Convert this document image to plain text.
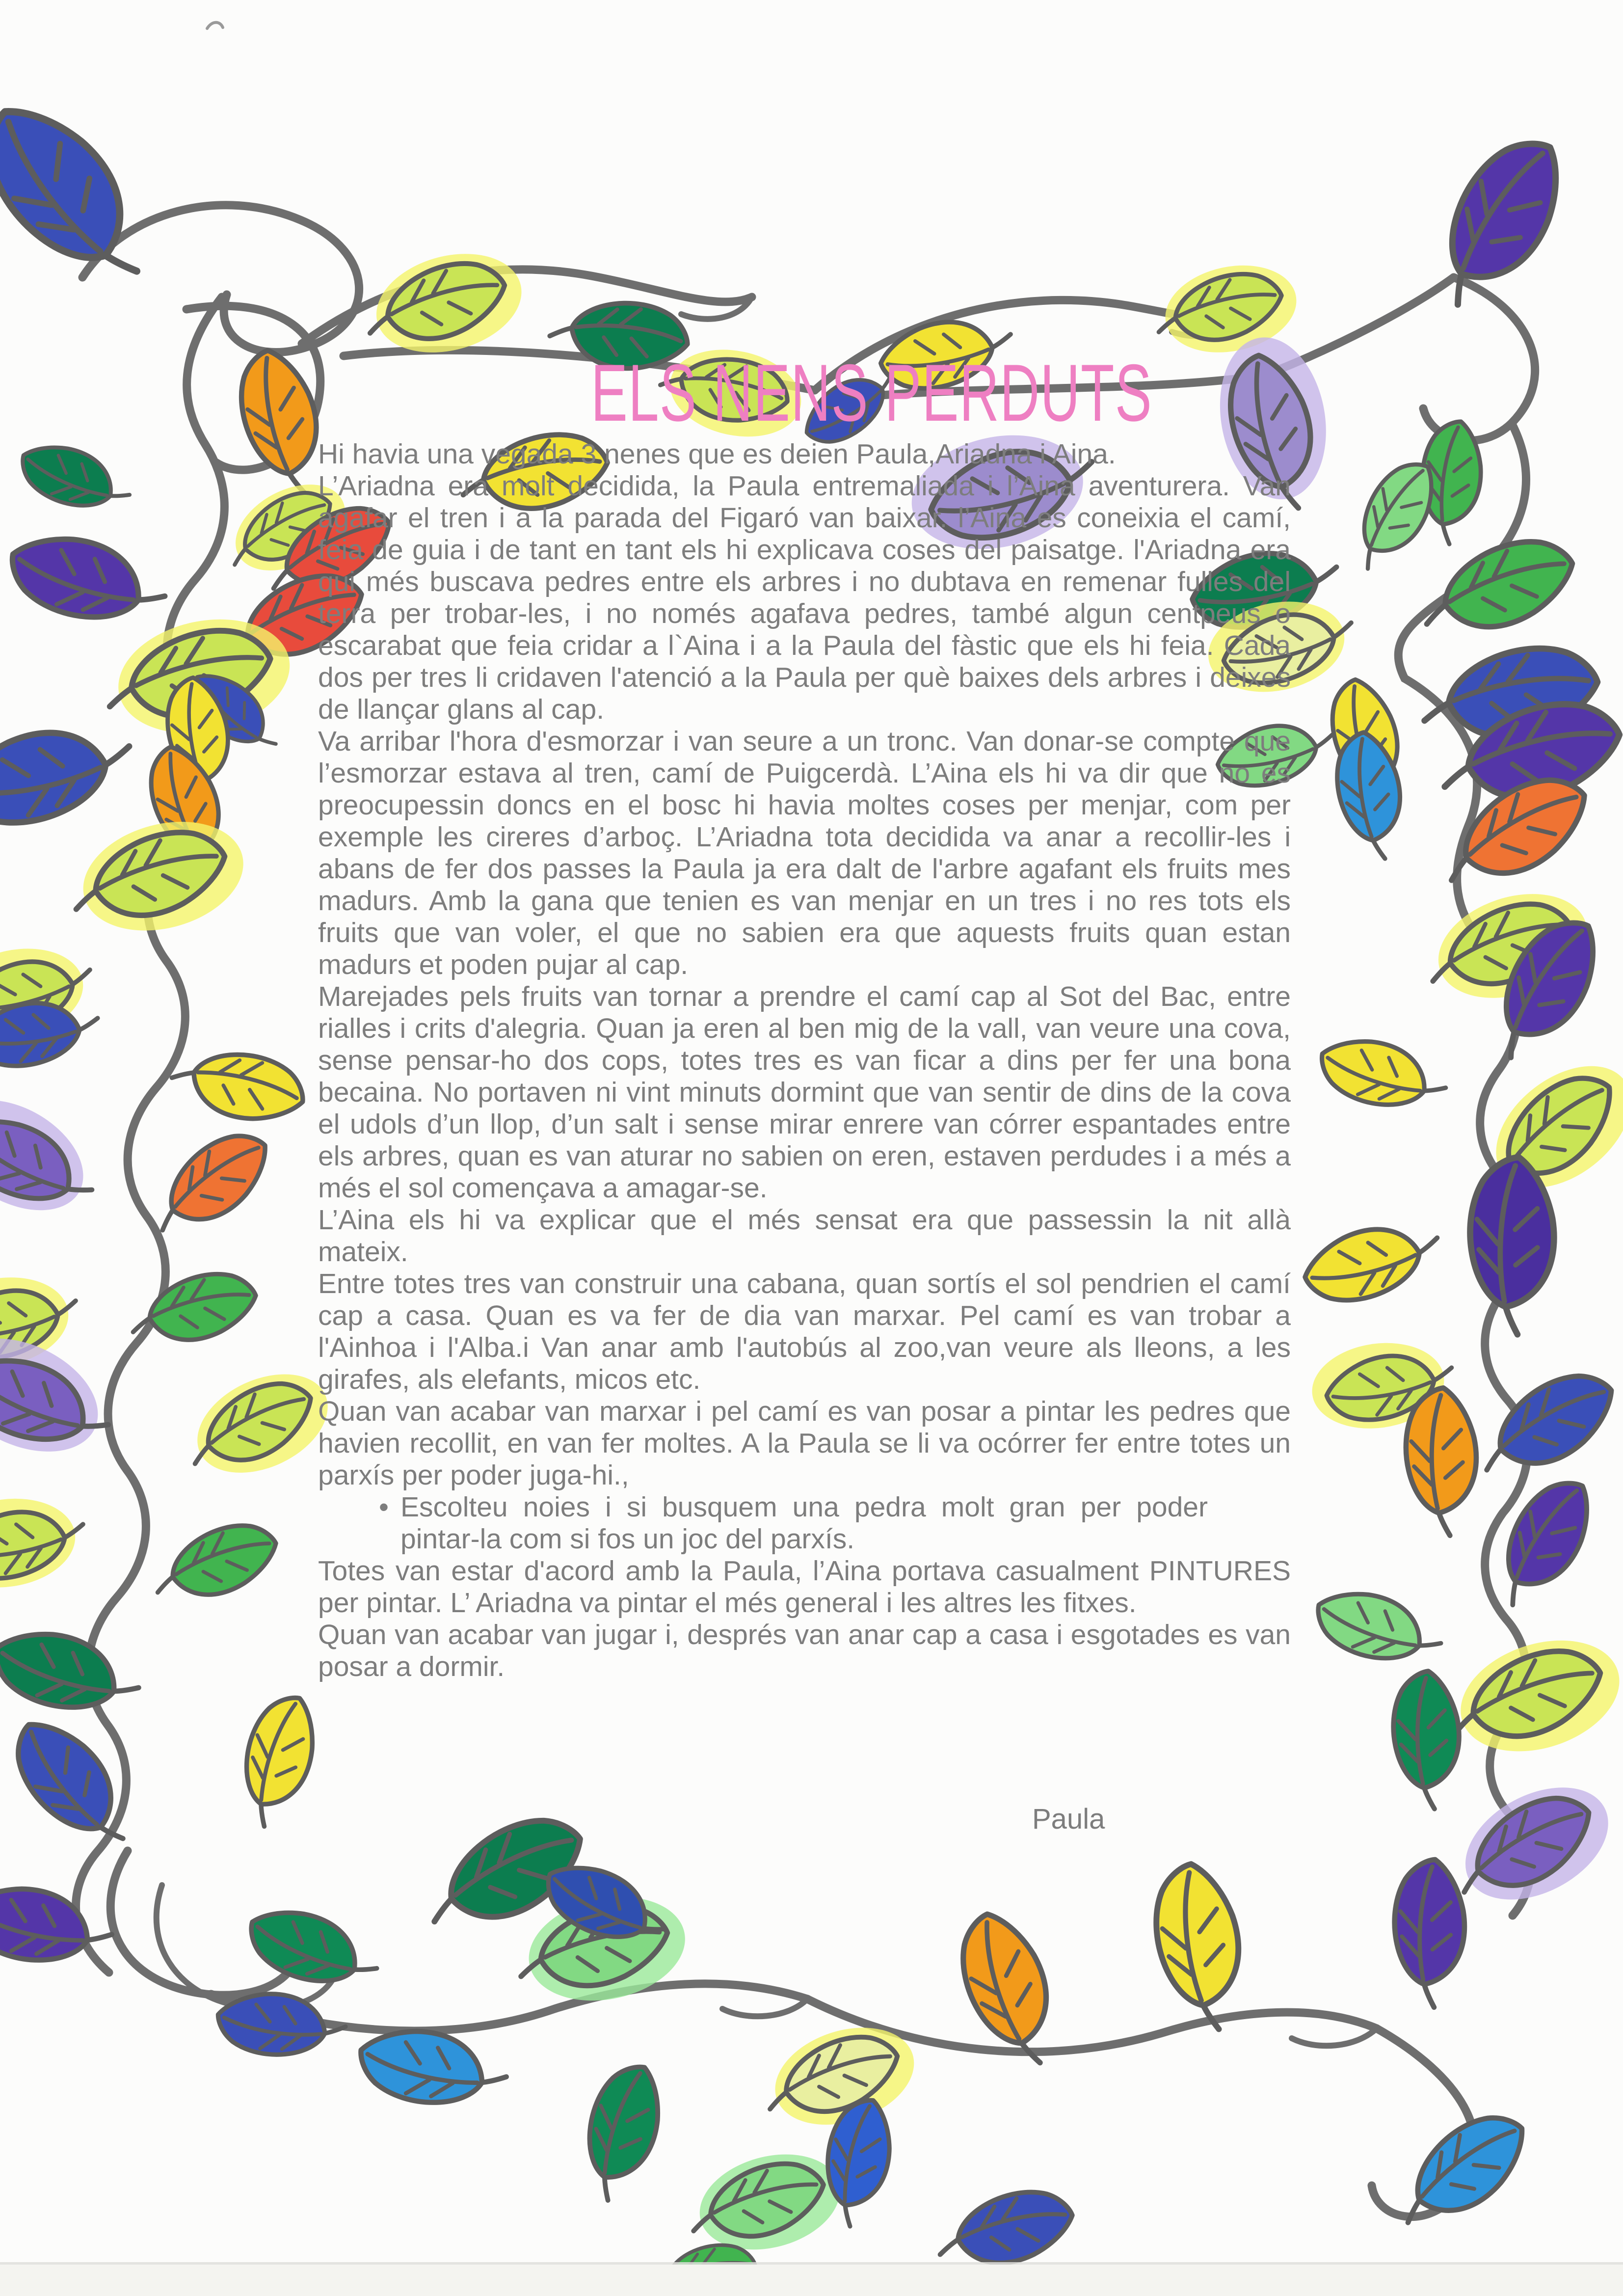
ELS NENS PERDUTS

Hi havia una vegada 3 nenes que es deien Paula,Ariadna i Aina.

L’Ariadna era molt decidida, la Paula entremaliada i l’Aina aventurera. Van agafar el tren i a la parada del Figaró van baixar. l’Aina es coneixia el camí, feia de guia i de tant en tant els hi explicava coses del paisatge. l'Ariadna era qui més buscava pedres entre els arbres i no dubtava en remenar fulles del terra per trobar-les, i no només agafava pedres, també algun centpeus o escarabat que feia cridar a l`Aina i a la Paula del fàstic que els hi feia. Cada dos per tres li cridaven l'atenció a la Paula per què baixes dels arbres i deixes de llançar glans al cap.

Va arribar l'hora d'esmorzar i van seure a un tronc. Van donar-se compte que l’esmorzar estava al tren, camí de Puigcerdà. L’Aina els hi va dir que no es preocupessin doncs en el bosc hi havia moltes coses per menjar, com per exemple les cireres d’arboç. L’Ariadna tota decidida va anar a recollir-les i abans de fer dos passes la Paula ja era dalt de l'arbre agafant els fruits mes madurs. Amb la gana que tenien es van menjar en un tres i no res tots els fruits que van voler, el que no sabien era que aquests fruits quan estan madurs et poden pujar al cap.

Marejades pels fruits van tornar a prendre el camí cap al Sot del Bac, entre rialles i crits d'alegria. Quan ja eren al ben mig de la vall, van veure una cova, sense pensar-ho dos cops, totes tres es van ficar a dins per fer una bona becaina. No portaven ni vint minuts dormint que van sentir de dins de la cova el udols d’un llop, d’un salt i sense mirar enrere van córrer espantades entre els arbres, quan es van aturar no sabien on eren, estaven perdudes i a més a més el sol començava a amagar-se.

L’Aina els hi va explicar que el més sensat era que passessin la nit allà mateix.

Entre totes tres van construir una cabana, quan sortís el sol pendrien el camí cap a casa. Quan es va fer de dia van marxar. Pel camí es van trobar a l'Ainhoa i l'Alba.i Van anar amb l'autobús al zoo,van veure als lleons, a les girafes, als elefants, micos etc.

Quan van acabar van marxar i pel camí es van posar a pintar les pedres que havien recollit, en van fer moltes. A la Paula se li va ocórrer fer entre totes un parxís per poder juga-hi.,

• Escolteu noies i si busquem una pedra molt gran per poder pintar-la com si fos un joc del parxís.

Totes van estar d'acord amb la Paula, l’Aina portava casualment PINTURES per pintar. L’ Ariadna va pintar el més general i les altres les fitxes.

Quan van acabar van jugar i, després van anar cap a casa i esgotades es van posar a dormir.

Paula
